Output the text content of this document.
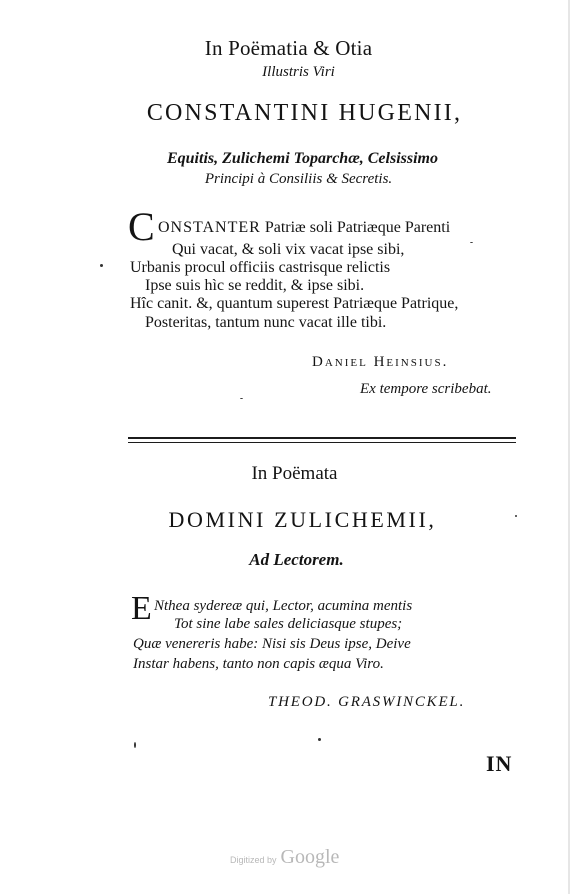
In Poëmatia & Otia
Illustris Viri
CONSTANTINI HUGENII,
Equitis, Zulichemi Toparchæ, Celsissimo
Principi à Consiliis & Secretis.
C ONSTANTER Patriæ soli Patriæque Parenti
Qui vacat, & soli vix vacat ipse sibi,
Urbanis procul officiis castrisque relictis
Ipse suis hìc se reddit, & ipse sibi.
Hîc canit. &, quantum superest Patriæque Patrique,
Posteritas, tantum nunc vacat ille tibi.
Daniel Heinsius.
Ex tempore scribebat.
In Poëmata
DOMINI ZULICHEMII,
Ad Lectorem.
E Nthea sydereæ qui, Lector, acumina mentis
Tot sine labe sales deliciasque stupes;
Quæ venereris habe: Nisi sis Deus ipse, Deive
Instar habens, tanto non capis æqua Viro.
THEOD. GRASWINCKEL.
IN
Digitized by Google
